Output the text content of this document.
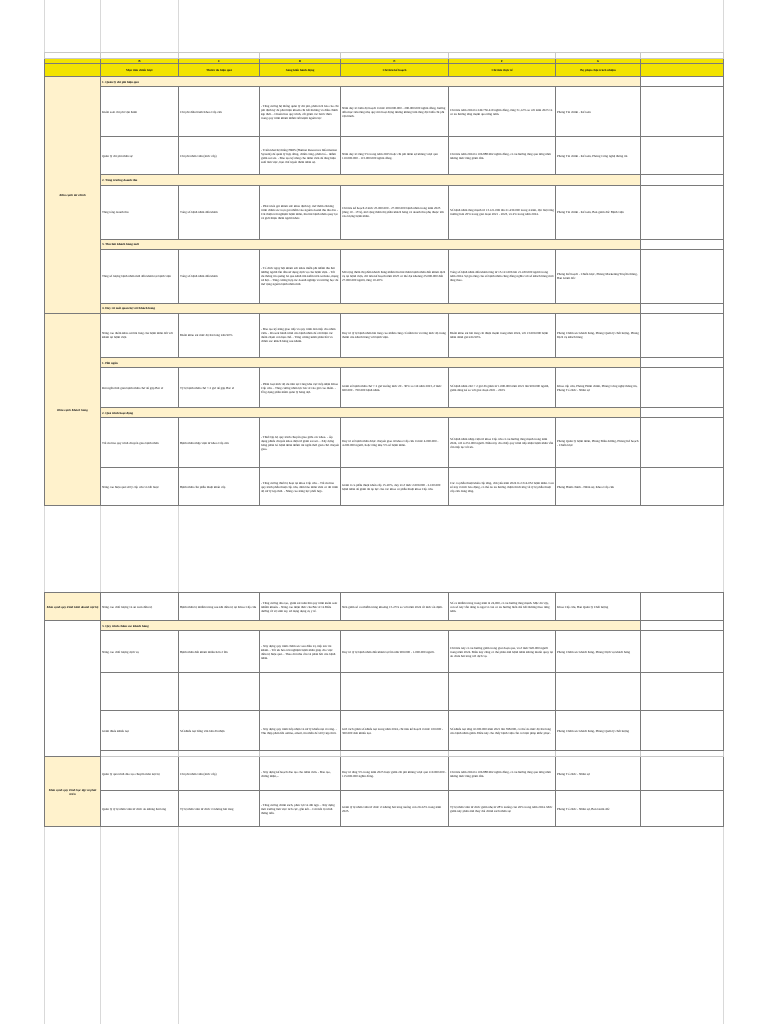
	B	C	D	E	F	G	
	Mục tiêu chiến lược	Thước đo hiệu quả	Sáng kiến hành động	Chỉ tiêu kế hoạch	Chỉ tiêu thực tế	Bộ phận chịu trách nhiệm	
Khía cạnh tài chính	1. Quản lý chi phí hiệu quả						
	Kiểm soát chi phí vận hành	Chi phí điều hành Khoa Cấp cứu	- Tăng cường hệ thống quản lý chi phí, phân tích báo cáo chi phí định kỳ để phát hiện khoản chi bất thường và điều chỉnh kịp thời. - Chuẩn hóa quy trình, cắt giảm các bước thừa trong quy trình khám nhằm tiết kiệm nguồn lực	Năm duy trì biên độ hoạch ở mức 200.000.000 - 290.000.000 nghìn đồng, hướng đến mục tiêu tăng nhẹ quy mô hoạt động nhưng không làm tăng đột biến chi phí vận hành.	Chi tiêu năm 2024 là 249.736.419 nghìn đồng, tăng 51,12% so với năm 2023 và có xu hướng tăng mạnh qua từng năm.	Phòng Tài chính - Kế toán	
	Quản lý chi phí nhân sự	Chi phí nhân viên (mức cấp)	- Triển khai hệ thống HRIS (Human Resources Information System) để quản lý hợp đồng, chấm công, phân bổ... nhằm giảm sai sót. - Đào tạo kỹ năng cho nhân viên để tăng hiệu suất làm việc, hạn chế tuyển thêm nhân sự.	Năm duy trì tăng 5% trong năm 2025 hoặc chi phí nhân sự không vượt quá 110.000.000 - 115.000.000 nghìn đồng.	Chi tiêu năm 2024 là 106.888.962 nghìn đồng, có xu hướng tăng qua từng năm nhưng mức tăng giảm dần.	Phòng Tài chính - Kế toán, Phòng Công nghệ thông tin	
	2. Tăng trưởng doanh thu						
	Tăng tổng doanh thu	Tổng số bệnh nhân đến khám	- Phát triển gói khám sức khỏe định kỳ, mở thêm chương trình chăm sóc trọn gói nhằm vào nguồn doanh thu lâu dài. - Cải thiện trải nghiệm bệnh nhân, thu hút bệnh nhân quay lại và giới thiệu thêm người khác.	Chỉ tiêu kế hoạch ở mức 25.000.000 - 27.000.000 bệnh nhân trong năm 2025 (tăng 10 - 15%), mở rộng thêm thị phần khách hàng và doanh thu phụ thuộc lớn vào lượng bệnh nhân.	Số bệnh nhân tăng mạnh từ 13.121.006 lên 21.430.000 trong 4 năm, đặc biệt tăng trưởng hơn 20% trong giai đoạn 2021 - 2023, và 4% trong năm 2024.	Phòng Tài chính - Kế toán, Ban giám đốc Bệnh viện	
	3. Thu hút khách hàng mới						
	Tăng số lượng bệnh nhân mới đến khám tại bệnh viện	Tổng số bệnh nhân đến khám	- Tổ chức ngày hội khám sức khỏe miễn phí nhằm thu hút những người lần đầu sử dụng dịch vụ của bệnh viện. - Tối ưu thông tin quảng bá qua kênh tìm kiếm trên website, mạng xã hội. - Tăng cường hợp tác doanh nghiệp và trường học để mở rộng nguồn bệnh nhân mới.	Mở rộng thêm thị phần khách hàng nhằm thu hút thêm bệnh nhân đến khám dịch vụ tại bệnh viện, chỉ tiêu kế hoạch năm 2025 có thể đạt khoảng 25.000.000 đến 27.000.000 người, tăng 10-20%	Tổng số bệnh nhân đến khám tăng từ 13.121.006 lên 21.430.000 người trong năm 2024. Sự gia tăng của số bệnh nhân cũng đồng nghĩa với số khách hàng mới tăng theo.	Phòng Kế hoạch - Chiến lược, Phòng Marketing/Truyền thông, Ban Giám đốc	
	4. Duy trì mối quan hệ với Khách hàng						
Khía cạnh Khách hàng	Nâng cao điểm khảo sát hài lòng của bệnh nhân đối với khám tại bệnh viện	Điểm khảo sát mức độ hài lòng trên 90%	- Đào tạo kỹ năng giao tiếp và quy trình đón tiếp cho nhân viên. - Rà soát hành trình của bệnh nhân để cải thiện các điểm chạm còn hạn chế. - Tăng cường kênh phản hồi và chăm sóc khách hàng sau khám.	Duy trì tỷ lệ bệnh nhân hài lòng cao nhằm củng cố niềm tin và tăng mức độ trung thành của khách hàng với bệnh viện.	Điểm khảo sát hài lòng cải thiện mạnh trong năm 2024, với 13.000.000 bệnh nhân đánh giá trên 90%.	Phòng Chăm sóc khách hàng, Phòng Quản lý chất lượng, Phòng Dịch vụ khách hàng	
	1. Hồi ngắn						
	Rút ngắn thời gian bệnh nhân chờ để gặp Bác sĩ	Tỷ lệ bệnh nhân chờ < 2 giờ để gặp Bác sĩ	- Phân loại mức độ ưu tiên tại Công khu vực tiếp nhận Khoa Cấp cứu. - Tăng cường nhân lực bác sĩ vào giờ cao điểm. - Ứng dụng phần mềm quản lý hàng đợi.	Giảm số bệnh nhân chờ > 2 giờ xuống mức 20 - 30% so với năm 2023, ở mức 600.000 - 700.000 bệnh nhân.	Số bệnh nhân chờ > 2 giờ đã giảm từ 1.000.000 năm 2021 lên 900.000 người, giảm đáng kể so với giai đoạn 2021 - 2023.	Khoa cấp cứu, Phòng Hành chính, Phòng Công nghệ thông tin, Phòng Tổ chức - Nhân sự	
	2. Quá trình hoạt động						
	Tối ưu hóa quy trình chuyển giao bệnh nhân	Bệnh nhân nhập viện từ khoa Cấp cứu	- Thiết lập bộ quy trình chuyển giao giữa các khoa. - Áp dụng phiếu chuyển khoa điện tử giảm sai sót. - Xây dựng bảng phân bổ bệnh nhân nhằm rút ngắn thời gian chờ chuyển giao.	Duy trì số bệnh nhân được chuyển giao từ khoa Cấp cứu ở mức 4.000.000 - 4.200.000 người, hoặc tăng nhẹ 5% số bệnh nhân.	Số bệnh nhân nhập viện từ khoa Cấp cứu có xu hướng tăng mạnh trong năm 2024, với 4.231.000 người. Điều này cho thấy quy trình tiếp nhận bệnh nhân vẫn cần tiếp tục tối ưu.	Phòng Quản lý bệnh nhân, Phòng Điều dưỡng, Phòng Kế hoạch - Chiến lược	
	Nâng cao hiệu quả sử lý cấp cứu và bắt buộc	Bệnh nhân cần phẫu thuật khẩn cấp	- Tăng cường thiết bị hoạt tại khoa Cấp cứu. - Tối ưu hóa quy trình phẫu thuật cấp cứu, đảm bảo nhân viên có đủ trình độ xử lý kịp thời. - Nâng cao năng lực phối hợp.	Giảm ít ca phẫu thuật khẩn cấp 15-20%, duy trì ở mức 2.000.000 - 2.100.000 bệnh nhân để giảm tải áp lực của các khoa có phẫu thuật khoa Cấp cứu.	Các ca phẫu thuật khẩn cấp tăng, chủ yếu năm 2024 là 2.514.052 bệnh nhân. Con số này ở mức báo động, có thể do xu hướng chậm thích ứng về tỷ lệ phẫu thuật cấp cứu đang tăng.	Phòng Hành chính - Nhân sự, Khoa Cấp cứu	
Khía cạnh quy trình kinh doanh nội bộ	Nâng cao chất lượng và an toàn điều trị	Bệnh nhân bị nhiễm trùng sau khi điều trị tại Khoa Cấp cứu	- Tăng cường đào tạo, giám sát tuân thủ quy trình kiểm soát nhiễm khuẩn. - Nâng cao nhận thức của Bác sĩ và Điều dưỡng về vệ sinh tay, sử dụng dụng cụ y tế.	Nên giảm số ca nhiễm trùng khoảng 15-25% so với năm 2024 về mức ổn định.	Số ca nhiễm trùng trong năm là 24,000, có xu hướng tăng mạnh. Mặc dù vậy, con số này vẫn đáng lo ngại vì còn có xu hướng biến đổi bất thường theo từng năm.	Khoa Cấp cứu, Ban Quản lý Chất lượng	
	3. Quy trình chăm sóc khách hàng						
	Nâng cao chất lượng dịch vụ	Bệnh nhân đến khám nhiều hơn 2 lần	- Xây dựng quy trình chăm sóc sau điều trị, tiếp xúc tái khám. - Tối ưu hóa trải nghiệm bệnh nhân giúp cho việc điều trị hiệu quả. - Theo dõi nhu cầu và phản hồi của bệnh nhân.	Duy trì tỷ lệ bệnh nhân đến khám lại lần nữa 900.000 - 1.000.000 người.	Chỉ tiêu này có xu hướng giảm trong giai đoạn qua, và ở mức 920.000 người trong năm 2024. Điều này cũng có thể phản ánh bệnh nhân không muốn quay lại do chưa hài lòng với dịch vụ.	Phòng Chăm sóc khách hàng, Phòng Dịch vụ khách hàng	

	Giảm thiểu khiếu nại	Số khiếu nại bằng văn bản đã nhận	- Xây dựng quy trình tiếp nhận và xử lý khiếu nại rõ ràng. - Thu thập phản hồi online, email, tin nhắn để xử lý kịp thời.	Giữ cách giảm số khiếu nại trong năm 2024, chỉ tiêu kế hoạch ở mức 100.000 - 300.000 đơn khiếu nại.	Số khiếu nại tăng từ 200.000 năm 2021 lên 398.000, có thể do mức độ hài lòng của bệnh nhân giảm. Điều này cho thấy bệnh viện cần có biện pháp khắc phục.	Phòng Chăm sóc khách hàng, Phòng Quản lý chất lượng	

Khía cạnh quy trình học tập và phát triển	Quản lý quá trình đào tạo chuyên môn nội bộ	Chi phí nhân viên (mức cấp)	- Xây dựng kế hoạch đào tạo cho nhân viên. - Đào tạo, chứng nhận,...	Duy trì tăng 5% trong năm 2025 hoặc giảm chi phí không vượt quá 110.000.000 - 115.000.000 nghìn đồng.	Chi tiêu năm 2024 là 106.888.962 nghìn đồng, có xu hướng tăng qua từng năm nhưng mức tăng giảm dần.	Phòng Tổ chức - Nhân sự	
	Quản lý tỷ lệ nhân viên tử chức do không hài lòng	Tỷ lệ nhân viên tử chức vì không hài lòng	- Tăng cường chính sách, phúc lợi và đãi ngộ. - Xây dựng môi trường làm việc tích cực, gắn kết. - Cải tiến lộ trình thăng tiến.	Giảm tỷ lệ nhân viên tử chức vì không hài lòng xuống còn 20-22% trong năm 2025.	Tỷ lệ nhân viên tử chức giảm nhẹ từ 28% xuống còn 26% trong năm 2024. Mức giảm này phản ánh thay đổi chính sách nhân sự.	Phòng Tổ chức - Nhân sự, Ban Giám đốc	
